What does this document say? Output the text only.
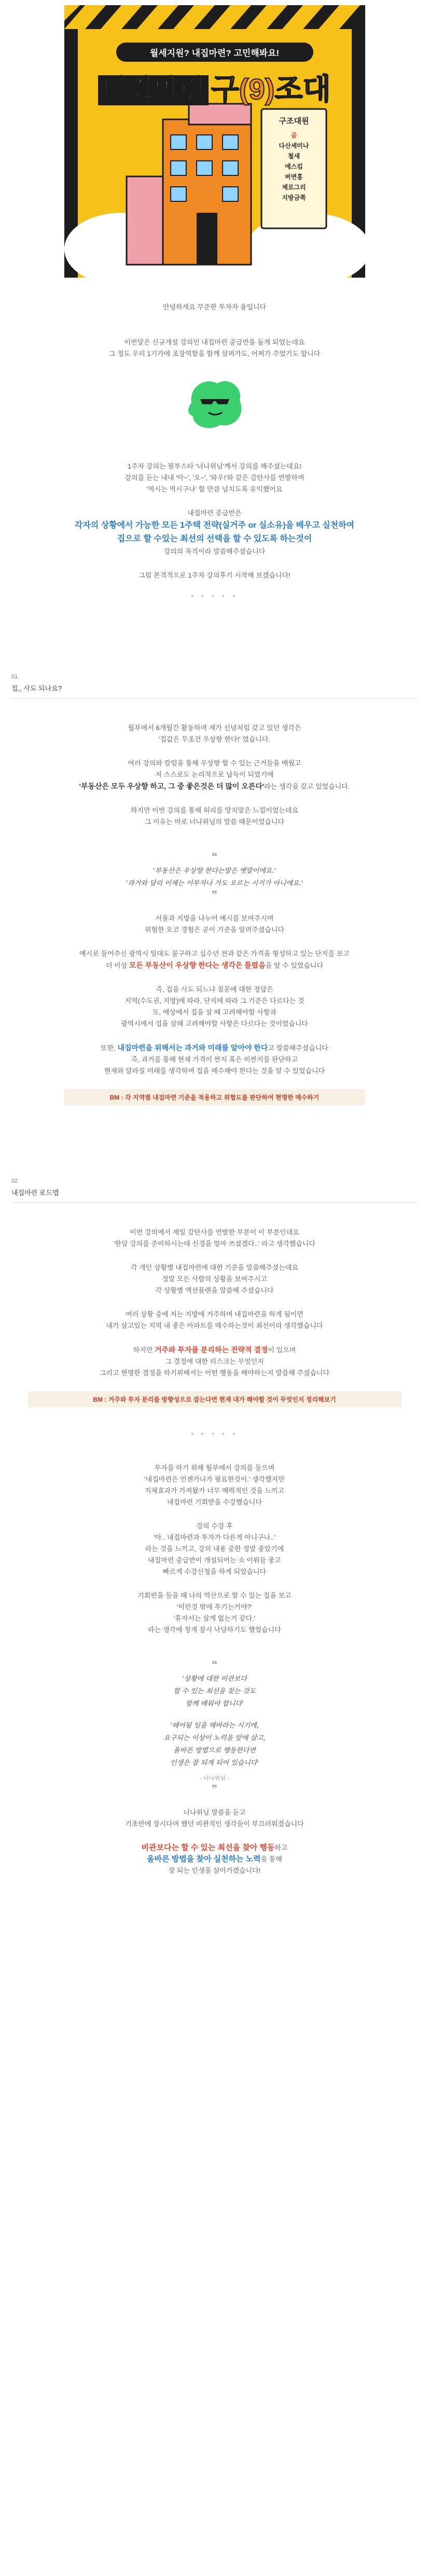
월세지원? 내집마련? 고민해봐요!
내집마련 구(9)조대
구조대원
골
다산세미나
철새
예스킴
버면홍
제로그리
지방금쪽

안녕하세요 무준한 투자자 윰입니다

이번달은 신규개설 강의인 내집마련 중급반을 돕게 되었는데요

그 정도 우리 1기가에 조장역할을 함께 살펴가도, 어쩌가 주었기도 합니다

1주차 강의는 필부스타 '너나위님'께서 강의를 해주셨는데요!

강의를 듣는 내내 '아~', '오~', '와우!'와 같은 감탄사를 연발하며

'역시는 역시구나' 할 만큼 넘치도록 유익했어요

내집마련 중급반은

각자의 상황에서 가능한 모든 1주택 전략(실거주 or 실소유)을 배우고 실천하여

집으로 할 수있는 최선의 선택을 할 수 있도록 하는것이

강의의 목적이라 말씀해주셨습니다

그럼 본격적으로 1주차 강의후기 시작해 보겠습니다!

* * * * *
01
집,, 사도 되나요?

월부에서 6개월간 활동하며 제가 신념처럼 갖고 있던 생각은

'집값은 무조건 우상향 한다!' 였습니다.

여러 강의와 칼럼을 통해 우상향 할 수 있는 근거들을 배웠고

저 스스로도 논리적으로 납득이 되었기에

'부동산은 모두 우상향 하고, 그 중 좋은것은 더 많이 오른다'라는 생각을 갖고 있었습니다.

하지만 이번 강의를 통해 허리를 망치맞은 느낌이었는데요

그 이유는 바로 너나위님의 말씀 때문이었습니다

❝

'부동산은 우상향 한다는말은 옛말이에요.'

'과거와 달리 이제는 이부자나 가도 오르는 시기가 아니에요.'

❞

서울과 지방을 나누어 예시를 보여주시며

위험한 오코 경험은 곧이 기준을 알려주셨습니다

예시로 들어주신 광역시 일대도 불구하고 십수년 전과 같은 가격을 형성하고 있는 단지를 보고

더 이상 모든 부동산이 우상향 한다는 생각은 틀렸음을 알 수 있었습니다

즉, 집을 사도 되느냐 질문에 대한 정답은

지역(수도권, 지방)에 따라, 단지에 따라 그 기준은 다르다는 것

또, 예상에서 집을 살 때 고려해야할 사항과

광역시에서 집을 살때 고려해야할 사항은 다르다는 것이었습니다

또한, 내집마련을 위해서는 과거와 미래를 알아야 한다고 말씀해주셨습니다

즉, 과거를 통해 현재 가격이 싼지 혹은 비싼지를 판단하고

현재와 달라질 미래를 생각하며 집을 매수해야 한다는 것을 알 수 있었습니다

BM : 각 지역별 내집마련 기준을 적용하고 위험도를 판단하여 현명한 매수하기
02
내집마련 로드맵

이번 강의에서 제일 감탄사를 연발한 부분이 이 부분인데요

'한달 강의를 준비하시는데 신경을 얼마 쓰셨겠다..' 라고 생각했습니다

각 개인 상황별 내집마련에 대한 기준을 말씀해주셨는데요

정말 모든 사람의 상황을 보여주시고

각 상황별 액션플랜을 말씀해 주셨습니다

여러 상황 중에 저는 지방에 거주하며 내집마련을 하게 됨이면

내가 살고있는 지역 내 좋은 아파트를 매수하는것이 최선이라 생각했습니다

하지만 거주와 투자를 분리하는 전략적 결정이 있으며

그 결정에 대한 리스크는 무엇인지

그리고 현명한 결정을 하기위해서는 어떤 행동을 해야하는지 말씀해 주셨습니다

BM : 거주와 투자 분리를 방향성으로 잡는다면 현재 내가 해야할 것이 무엇인지 정리해보기
* * * * *

투자를 하기 위해 월부에서 강의를 들으며

'내집마련은 언젠가나가 필요한것이.' 생각했지만

지체효과가 가져왔가 너무 매력적인 것을 느끼고

내집마련 기회받을 수강했습니다

강의 수강 후

'아.. 내집마련과 투자가 다른게 아니구나..'

라는 것을 느끼고, 강의 내용 중한 정말 좋았기에

내집마련 중급반이 개설되어는 쇼 이뤄들 좋고

빠르게 수강신청을 하게 되었습니다

기회빈을 들을 때 나의 역산으로 할 수 있는 집을 보고

'이런것 밖에 투기는거야?'

'휴자서는 살게 없는거 같다.'

라는 생각에 청개 잠시 낙담하기도 했었습니다

❝

'상황에 대한 비관보다

할 수 있는 최선을 찾는 것도

함께 배워야 합니다'

'떼어될 일을 해바라는 시기에,

요구되는 이상이 노력을 앞에 살고,

올바른 방법으로 행동한다면

인생은 잘 되게 되어 있습니다'

- 너나위님 -

❞

너나위님 말씀을 듣고

기초반에 장시다며 했던 비관적인 생각들이 부끄러워졌습니다

비관보다는 할 수 있는 최선을 찾아 행동하고

올바른 방법을 찾아 실천하는 노력을 통해

잘 되는 인생을 살아가겠습니다!
